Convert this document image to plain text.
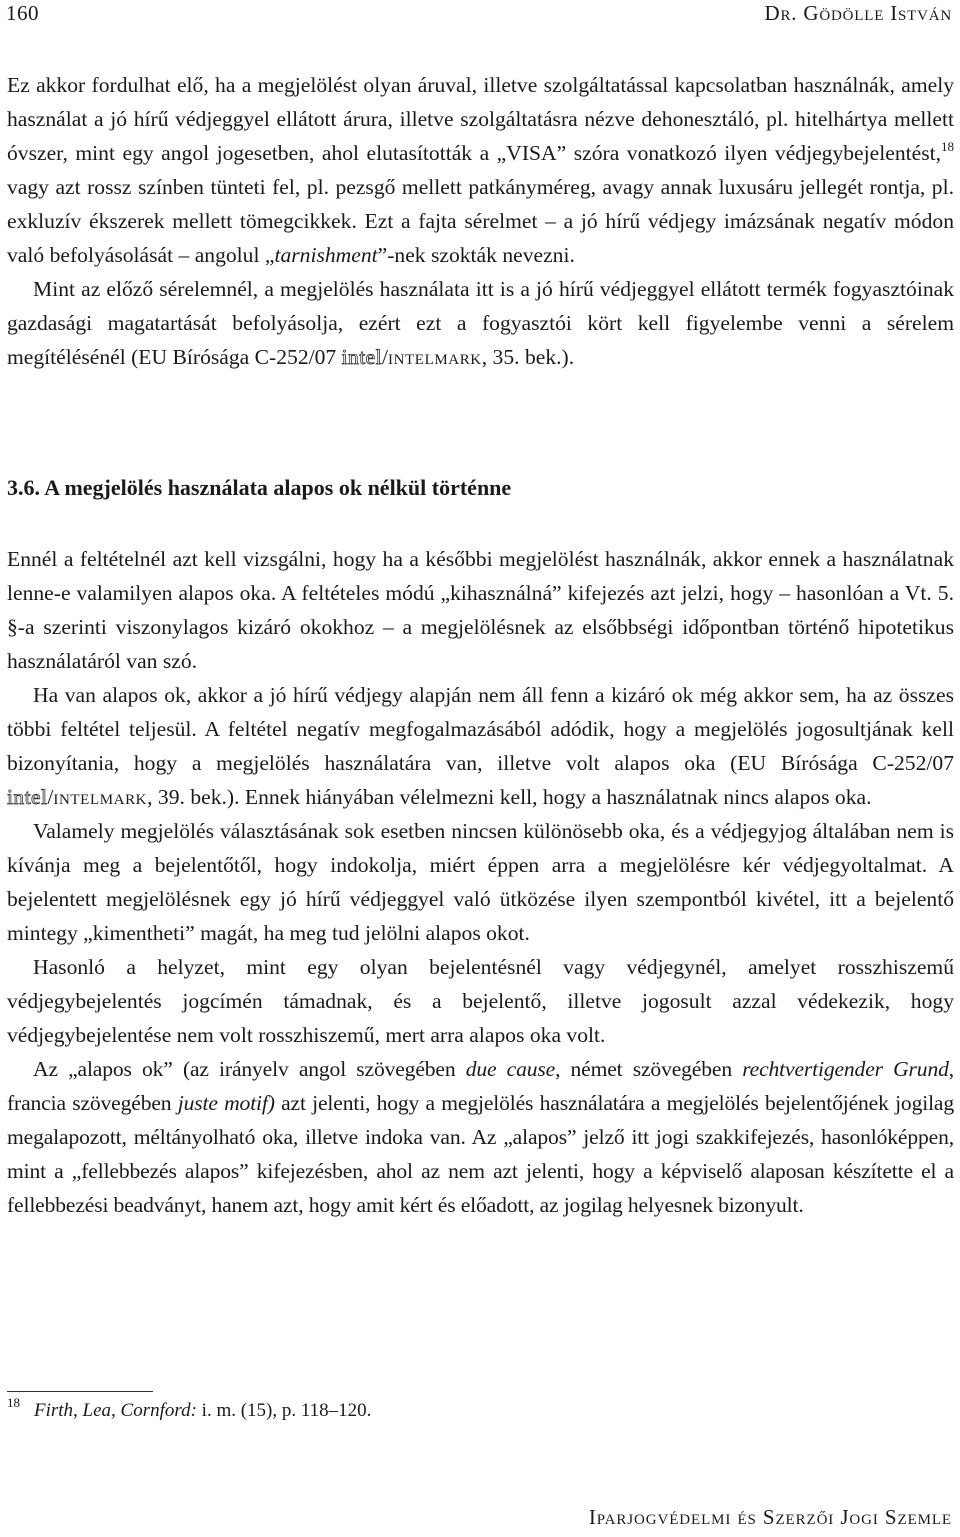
160	Dr. Gödölle István

Ez akkor fordulhat elő, ha a megjelölést olyan áruval, illetve szolgáltatással kapcsolatban használnák, amely használat a jó hírű védjeggyel ellátott árura, illetve szolgáltatásra nézve dehonesztáló, pl. hitelhártya mellett óvszer, mint egy angol jogesetben, ahol elutasították a „VISA” szóra vonatkozó ilyen védjegybejelentést,$^{18}$ vagy azt rossz színben tünteti fel, pl. pezsgő mellett patkányméreg, avagy annak luxusáru jellegét rontja, pl. exkluzív ékszerek mellett tömegcikkek. Ezt a fajta sérelmet – a jó hírű védjegy imázsának negatív módon való befolyásolását – angolul „tarnishment”-nek szokták nevezni.

Mint az előző sérelemnél, a megjelölés használata itt is a jó hírű védjeggyel ellátott termék fogyasztóinak gazdasági magatartását befolyásolja, ezért ezt a fogyasztói kört kell figyelembe venni a sérelem megítélésénél (EU Bírósága C-252/07 intel/intelmark, 35. bek.).

3.6. A megjelölés használata alapos ok nélkül történne

Ennél a feltételnél azt kell vizsgálni, hogy ha a későbbi megjelölést használnák, akkor ennek a használatnak lenne-e valamilyen alapos oka. A feltételes módú „kihasználná” kifejezés azt jelzi, hogy – hasonlóan a Vt. 5. §-a szerinti viszonylagos kizáró okokhoz – a megjelölésnek az elsőbbségi időpontban történő hipotetikus használatáról van szó.

Ha van alapos ok, akkor a jó hírű védjegy alapján nem áll fenn a kizáró ok még akkor sem, ha az összes többi feltétel teljesül. A feltétel negatív megfogalmazásából adódik, hogy a megjelölés jogosultjának kell bizonyítania, hogy a megjelölés használatára van, illetve volt alapos oka (EU Bírósága C-252/07 intel/intelmark, 39. bek.). Ennek hiányában vélelmezni kell, hogy a használatnak nincs alapos oka.

Valamely megjelölés választásának sok esetben nincsen különösebb oka, és a védjegyjog általában nem is kívánja meg a bejelentőtől, hogy indokolja, miért éppen arra a megjelölésre kér védjegyoltalmat. A bejelentett megjelölésnek egy jó hírű védjeggyel való ütközése ilyen szempontból kivétel, itt a bejelentő mintegy „kimentheti” magát, ha meg tud jelölni alapos okot.

Hasonló a helyzet, mint egy olyan bejelentésnél vagy védjegynél, amelyet rosszhiszemű védjegybejelentés jogcímén támadnak, és a bejelentő, illetve jogosult azzal védekezik, hogy védjegybejelentése nem volt rosszhiszemű, mert arra alapos oka volt.

Az „alapos ok” (az irányelv angol szövegében due cause, német szövegében rechtvertigender Grund, francia szövegében juste motif) azt jelenti, hogy a megjelölés használatára a megjelölés bejelentőjének jogilag megalapozott, méltányolható oka, illetve indoka van. Az „alapos” jelző itt jogi szakkifejezés, hasonlóképpen, mint a „fellebbezés alapos” kifejezésben, ahol az nem azt jelenti, hogy a képviselő alaposan készítette el a fellebbezési beadványt, hanem azt, hogy amit kért és előadott, az jogilag helyesnek bizonyult.

$^{18}$ Firth, Lea, Cornford: i. m. (15), p. 118–120.
Iparjogvédelmi és Szerzői Jogi Szemle
